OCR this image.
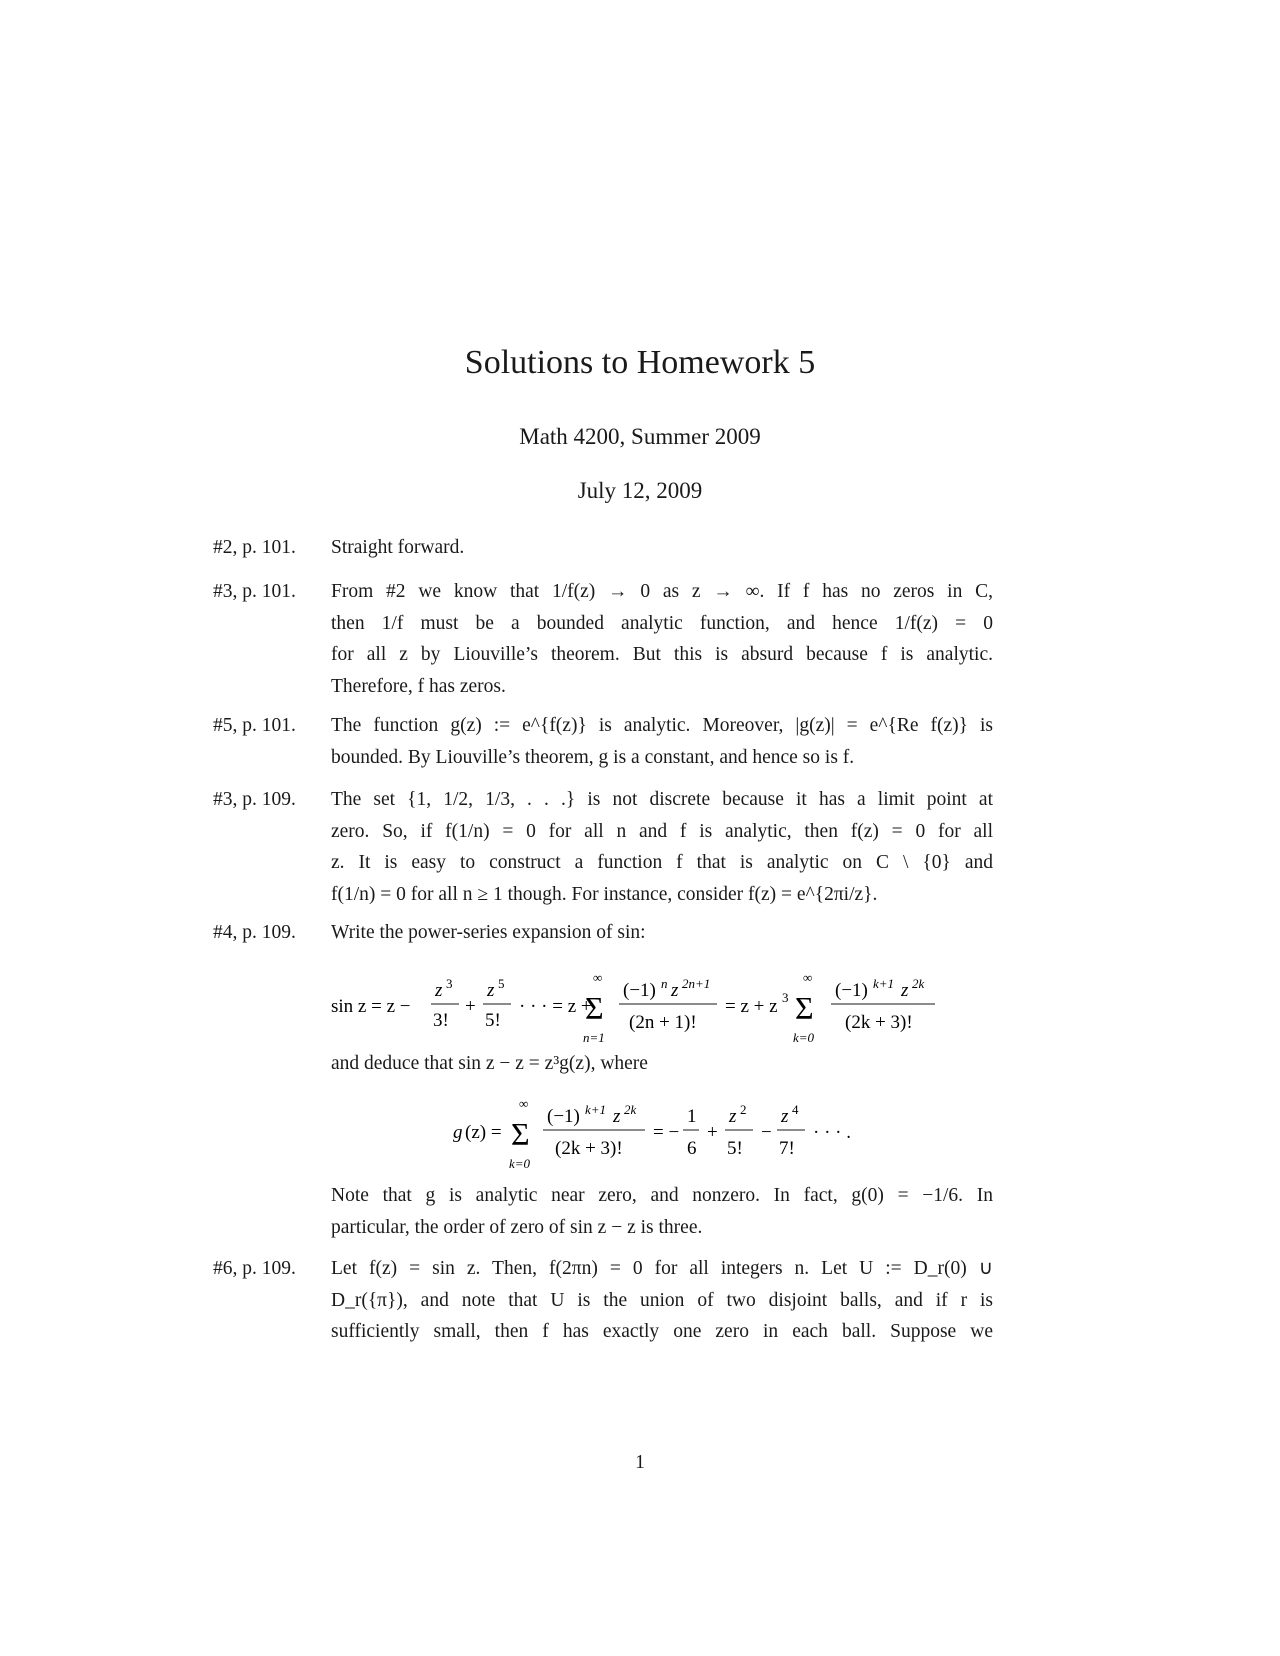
Solutions to Homework 5
Math 4200, Summer 2009
July 12, 2009
#2, p. 101.	Straight forward.
#3, p. 101.	From #2 we know that 1/f(z) → 0 as z → ∞. If f has no zeros in C,
then 1/f must be a bounded analytic function, and hence 1/f(z) = 0
for all z by Liouville’s theorem. But this is absurd because f is analytic.
Therefore, f has zeros.
#5, p. 101.	The function g(z) := e^{f(z)} is analytic. Moreover, |g(z)| = e^{Re f(z)} is
bounded. By Liouville’s theorem, g is a constant, and hence so is f.
#3, p. 109.	The set {1, 1/2, 1/3, . . .} is not discrete because it has a limit point at
zero. So, if f(1/n) = 0 for all n and f is analytic, then f(z) = 0 for all
z. It is easy to construct a function f that is analytic on C \ {0} and
f(1/n) = 0 for all n ≥ 1 though. For instance, consider f(z) = e^{2πi/z}.
#4, p. 109.	Write the power-series expansion of sin:
sin z = z −
z 3
3!
+
z 5
5!
· · · = z +
∞
Σ
n=1
(−1) n z 2n+1
(2n + 1)!
= z + z 3
∞
Σ
k=0
(−1) k+1 z 2k
(2k + 3)!
and deduce that sin z − z = z³g(z), where
g (z) =
∞
Σ
k=0
(−1) k+1 z 2k
(2k + 3)!
= −
1
6
+
z 2
5!
−
z 4
7!
· · · .
Note that g is analytic near zero, and nonzero. In fact, g(0) = −1/6. In
particular, the order of zero of sin z − z is three.
#6, p. 109.	Let f(z) = sin z. Then, f(2πn) = 0 for all integers n. Let U := D_r(0) ∪
D_r({π}), and note that U is the union of two disjoint balls, and if r is
sufficiently small, then f has exactly one zero in each ball. Suppose we
1
